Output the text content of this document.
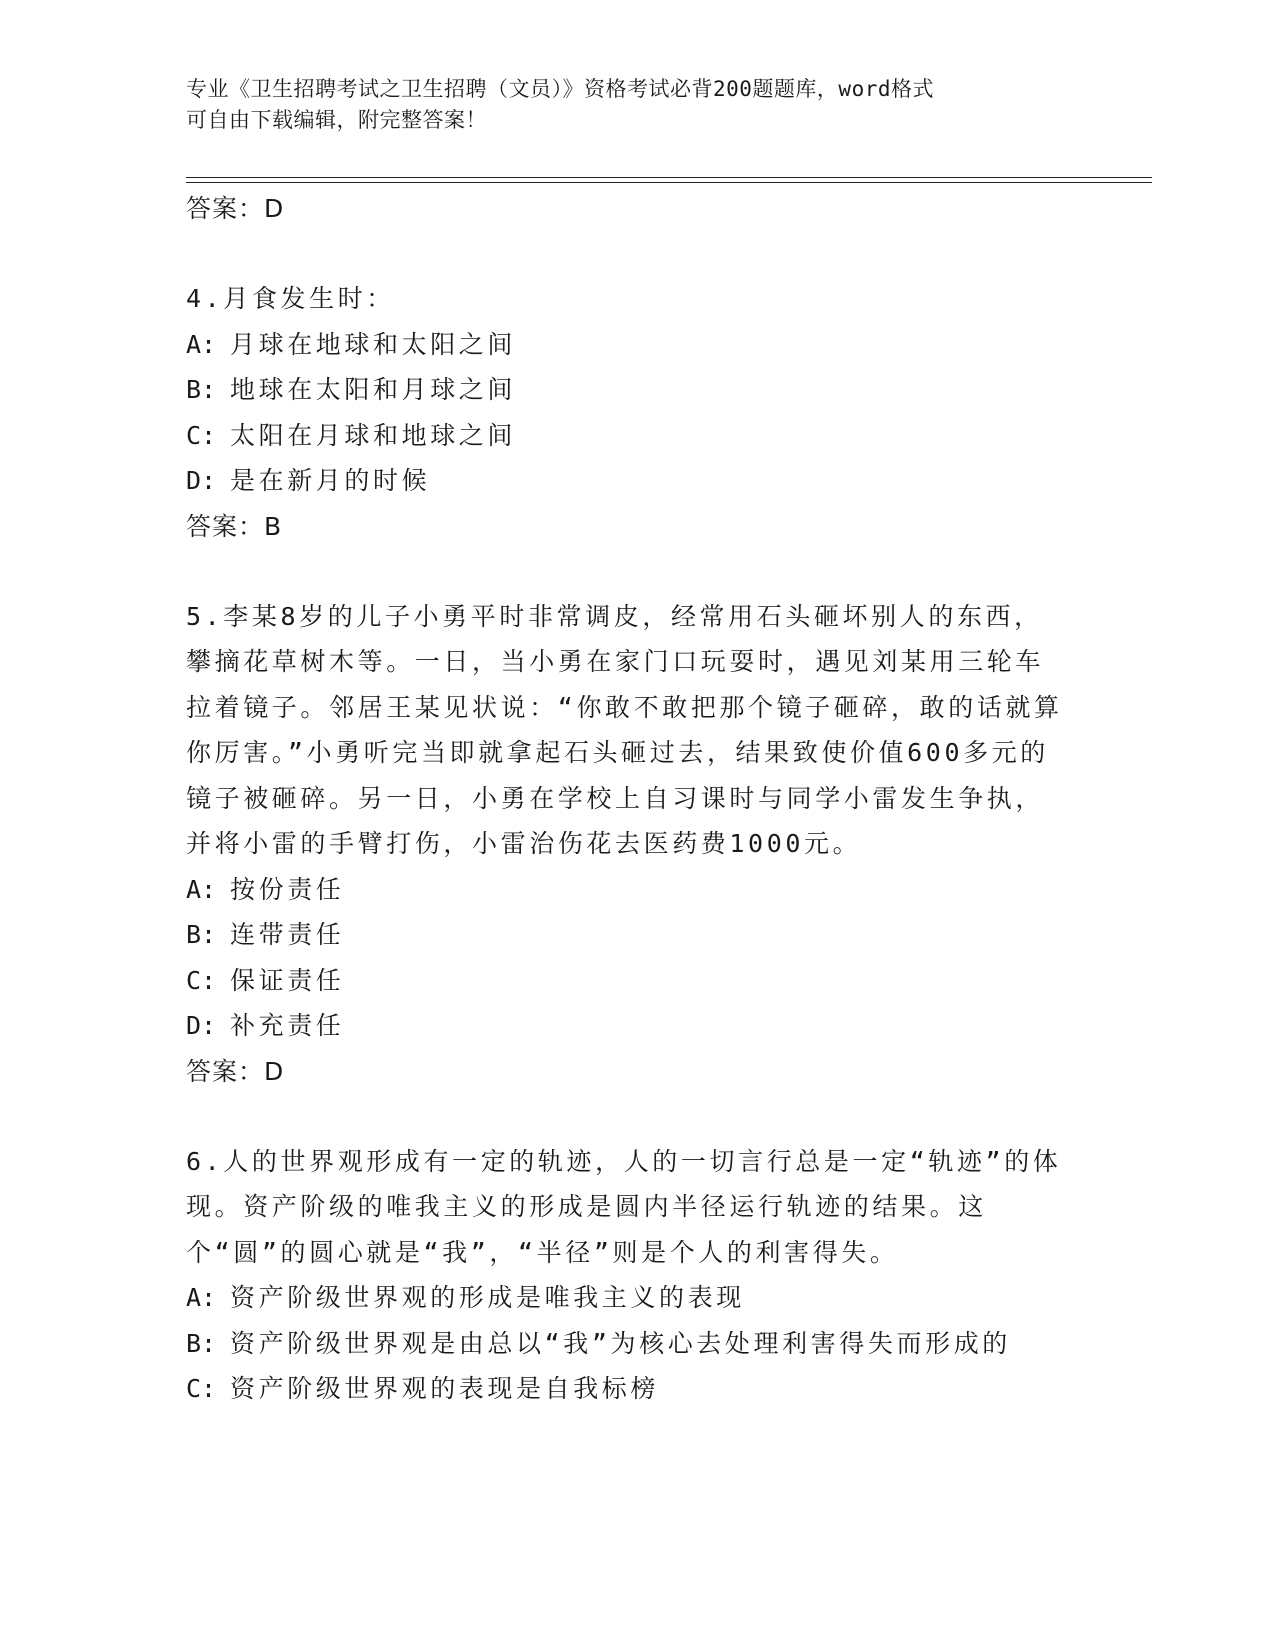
专业《卫生招聘考试之卫生招聘（文员）》资格考试必背200题题库，word格式
可自由下载编辑，附完整答案！
答案：D
4.月食发生时：
A: 月球在地球和太阳之间
B: 地球在太阳和月球之间
C: 太阳在月球和地球之间
D: 是在新月的时候
答案：B
5.李某8岁的儿子小勇平时非常调皮，经常用石头砸坏别人的东西，攀摘花草树木等。一日，当小勇在家门口玩耍时，遇见刘某用三轮车拉着镜子。邻居王某见状说：“你敢不敢把那个镜子砸碎，敢的话就算你厉害。”小勇听完当即就拿起石头砸过去，结果致使价值600多元的镜子被砸碎。另一日，小勇在学校上自习课时与同学小雷发生争执，并将小雷的手臂打伤，小雷治伤花去医药费1000元。
A: 按份责任
B: 连带责任
C: 保证责任
D: 补充责任
答案：D
6.人的世界观形成有一定的轨迹，人的一切言行总是一定“轨迹”的体现。资产阶级的唯我主义的形成是圆内半径运行轨迹的结果。这个“圆”的圆心就是“我”，“半径”则是个人的利害得失。
A: 资产阶级世界观的形成是唯我主义的表现
B: 资产阶级世界观是由总以“我”为核心去处理利害得失而形成的
C: 资产阶级世界观的表现是自我标榜
